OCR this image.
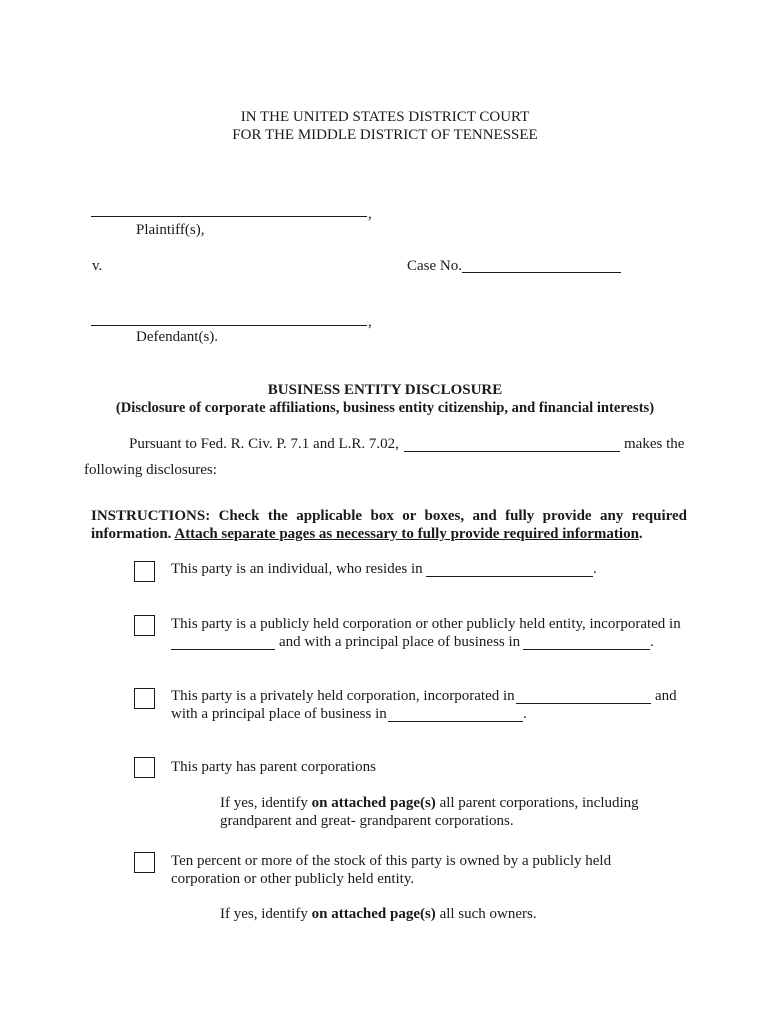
IN THE UNITED STATES DISTRICT COURT
FOR THE MIDDLE DISTRICT OF TENNESSEE
,
Plaintiff(s),
v.	Case No.
,
Defendant(s).
BUSINESS ENTITY DISCLOSURE
(Disclosure of corporate affiliations, business entity citizenship, and financial interests)
Pursuant to Fed. R. Civ. P. 7.1 and L.R. 7.02,	makes the
following disclosures:
INSTRUCTIONS: Check the applicable box or boxes, and fully provide any required
information. Attach separate pages as necessary to fully provide required information.
This party is an individual, who resides in	.
This party is a publicly held corporation or other publicly held entity, incorporated in
and with a principal place of business in	.
This party is a privately held corporation, incorporated in	and
with a principal place of business in	.
This party has parent corporations
If yes, identify on attached page(s) all parent corporations, including
grandparent and great- grandparent corporations.
Ten percent or more of the stock of this party is owned by a publicly held
corporation or other publicly held entity.
If yes, identify on attached page(s) all such owners.
